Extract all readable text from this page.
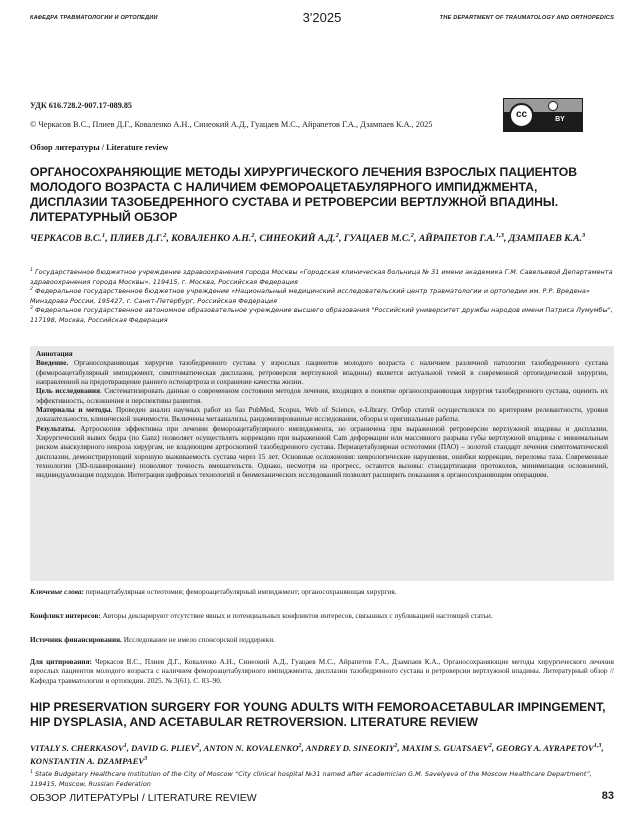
КАФЕДРА ТРАВМАТОЛОГИИ И ОРТОПЕДИИ	3'2025	THE DEPARTMENT OF TRAUMATOLOGY AND ORTHOPEDICS
УДК 616.728.2-007.17-089.85
cc	BY
© Черкасов В.С., Плиев Д.Г., Коваленко А.Н., Синеокий А.Д., Гуацаев М.С., Айрапетов Г.А., Дзампаев К.А., 2025
Обзор литературы / Literature review
ОРГАНОСОХРАНЯЮЩИЕ МЕТОДЫ ХИРУРГИЧЕСКОГО ЛЕЧЕНИЯ ВЗРОСЛЫХ ПАЦИЕНТОВ МОЛОДОГО ВОЗРАСТА С НАЛИЧИЕМ ФЕМОРОАЦЕТАБУЛЯРНОГО ИМПИДЖМЕНТА, ДИСПЛАЗИИ ТАЗОБЕДРЕННОГО СУСТАВА И РЕТРОВЕРСИИ ВЕРТЛУЖНОЙ ВПАДИНЫ. ЛИТЕРАТУРНЫЙ ОБЗОР
ЧЕРКАСОВ В.С.$^1$, ПЛИЕВ Д.Г.$^2$, КОВАЛЕНКО А.Н.$^2$, СИНЕОКИЙ А.Д.$^2$, ГУАЦАЕВ М.С.$^2$, АЙРАПЕТОВ Г.А.$^{1,3}$, ДЗАМПАЕВ К.А.$^3$
$^1$ Государственное бюджетное учреждение здравоохранения города Москвы «Городская клиническая больница № 31 имени академика Г.М. Савельевой Департамента здравоохранения города Москвы», 119415, г. Москва, Российская Федерация
$^2$ Федеральное государственное бюджетное учреждение «Национальный медицинский исследовательский центр травматологии и ортопедии им. Р.Р. Вредена» Минздрава России, 195427, г. Санкт-Петербург, Российская Федерация
$^3$ Федеральное государственное автономное образовательное учреждение высшего образования "Российский университет дружбы народов имени Патриса Лумумбы", 117198, Москва, Российская Федерация

Аннотация

Введение. Органосохраняющая хирургия тазобедренного сустава у взрослых пациентов молодого возраста с наличием различной патологии тазобедренного сустава (фемороацетабулярный импиджмент, симптоматическая дисплазия, ретроверсия вертлужной впадины) является актуальной темой в современной ортопедической хирургии, направленной на предотвращение раннего остеоартроза и сохранение качества жизни.

Цель исследования. Систематизировать данные о современном состоянии методов лечения, входящих в понятие органосохраняющая хирургия тазобедренного сустава, оценить их эффективность, осложнения и перспективы развития.

Материалы и методы. Проведен анализ научных работ из баз PubMed, Scopus, Web of Science, e-Library. Отбор статей осуществлялся по критериям релевантности, уровня доказательности, клинической значимости. Включены метаанализы, рандомизированные исследования, обзоры и оригинальные работы.

Результаты. Артроскопия эффективна при лечении фемороацетабулярного импиджмента, но ограничена при выраженной ретроверсии вертлужной впадины и дисплазии. Хирургический вывих бедра (по Ganz) позволяет осуществлять коррекцию при выраженной Cam деформации или массивного разрыва губы вертлужной впадины с минимальным риском аваскулярного некроза хирургам, не владеющим артроскопией тазобедренного сустава. Периацетабулярная остеотомия (ПАО) – золотой стандарт лечения симптоматической дисплазии, демонстрирующий хорошую выживаемость сустава через 15 лет. Основные осложнения: неврологические нарушения, ошибки коррекции, переломы таза. Современные технологии (3D-планирование) позволяют точность вмешательств. Однако, несмотря на прогресс, остаются вызовы: стандартизация протоколов, минимизация осложнений, индивидуализация подходов. Интеграция цифровых технологий и биомеханических исследований позволит расширить показания к органосохраняющим операциям.

Ключевые слова: периацетабулярная остеотомия; фемороацетабулярный импиджмент; органосохраняющая хирургия.
Конфликт интересов: Авторы декларируют отсутствие явных и потенциальных конфликтов интересов, связанных с публикацией настоящей статьи.
Источник финансирования. Исследование не имело спонсорской поддержки.
Для цитирования: Черкасов В.С., Плиев Д.Г., Коваленко А.Н., Синеокий А.Д., Гуацаев М.С., Айрапетов Г.А., Дзампаев К.А., Органосохраняющие методы хирургического лечения взрослых пациентов молодого возраста с наличием фемороацетабулярного импиджмента, дисплазии тазобедренного сустава и ретроверсии вертлужной впадины. Литературный обзор // Кафедра травматологии и ортопедии. 2025. № 3(61). С. 83–90.
HIP PRESERVATION SURGERY FOR YOUNG ADULTS WITH FEMOROACETABULAR IMPINGEMENT, HIP DYSPLASIA, AND ACETABULAR RETROVERSION. LITERATURE REVIEW
VITALY S. CHERKASOV$^1$, DAVID G. PLIEV$^2$, ANTON N. KOVALENKO$^2$, ANDREY D. SINEOKIY$^2$, MAXIM S. GUATSAEV$^2$, GEORGY A. AYRAPETOV$^{1,3}$, KONSTANTIN A. DZAMPAEV$^3$
$^1$ State Budgetary Healthcare Institution of the City of Moscow “City clinical hospital №31 named after academician G.M. Savelyeva of the Moscow Healthcare Department”, 119415, Moscow, Russian Federation
ОБЗОР ЛИТЕРАТУРЫ / LITERATURE REVIEW	83
